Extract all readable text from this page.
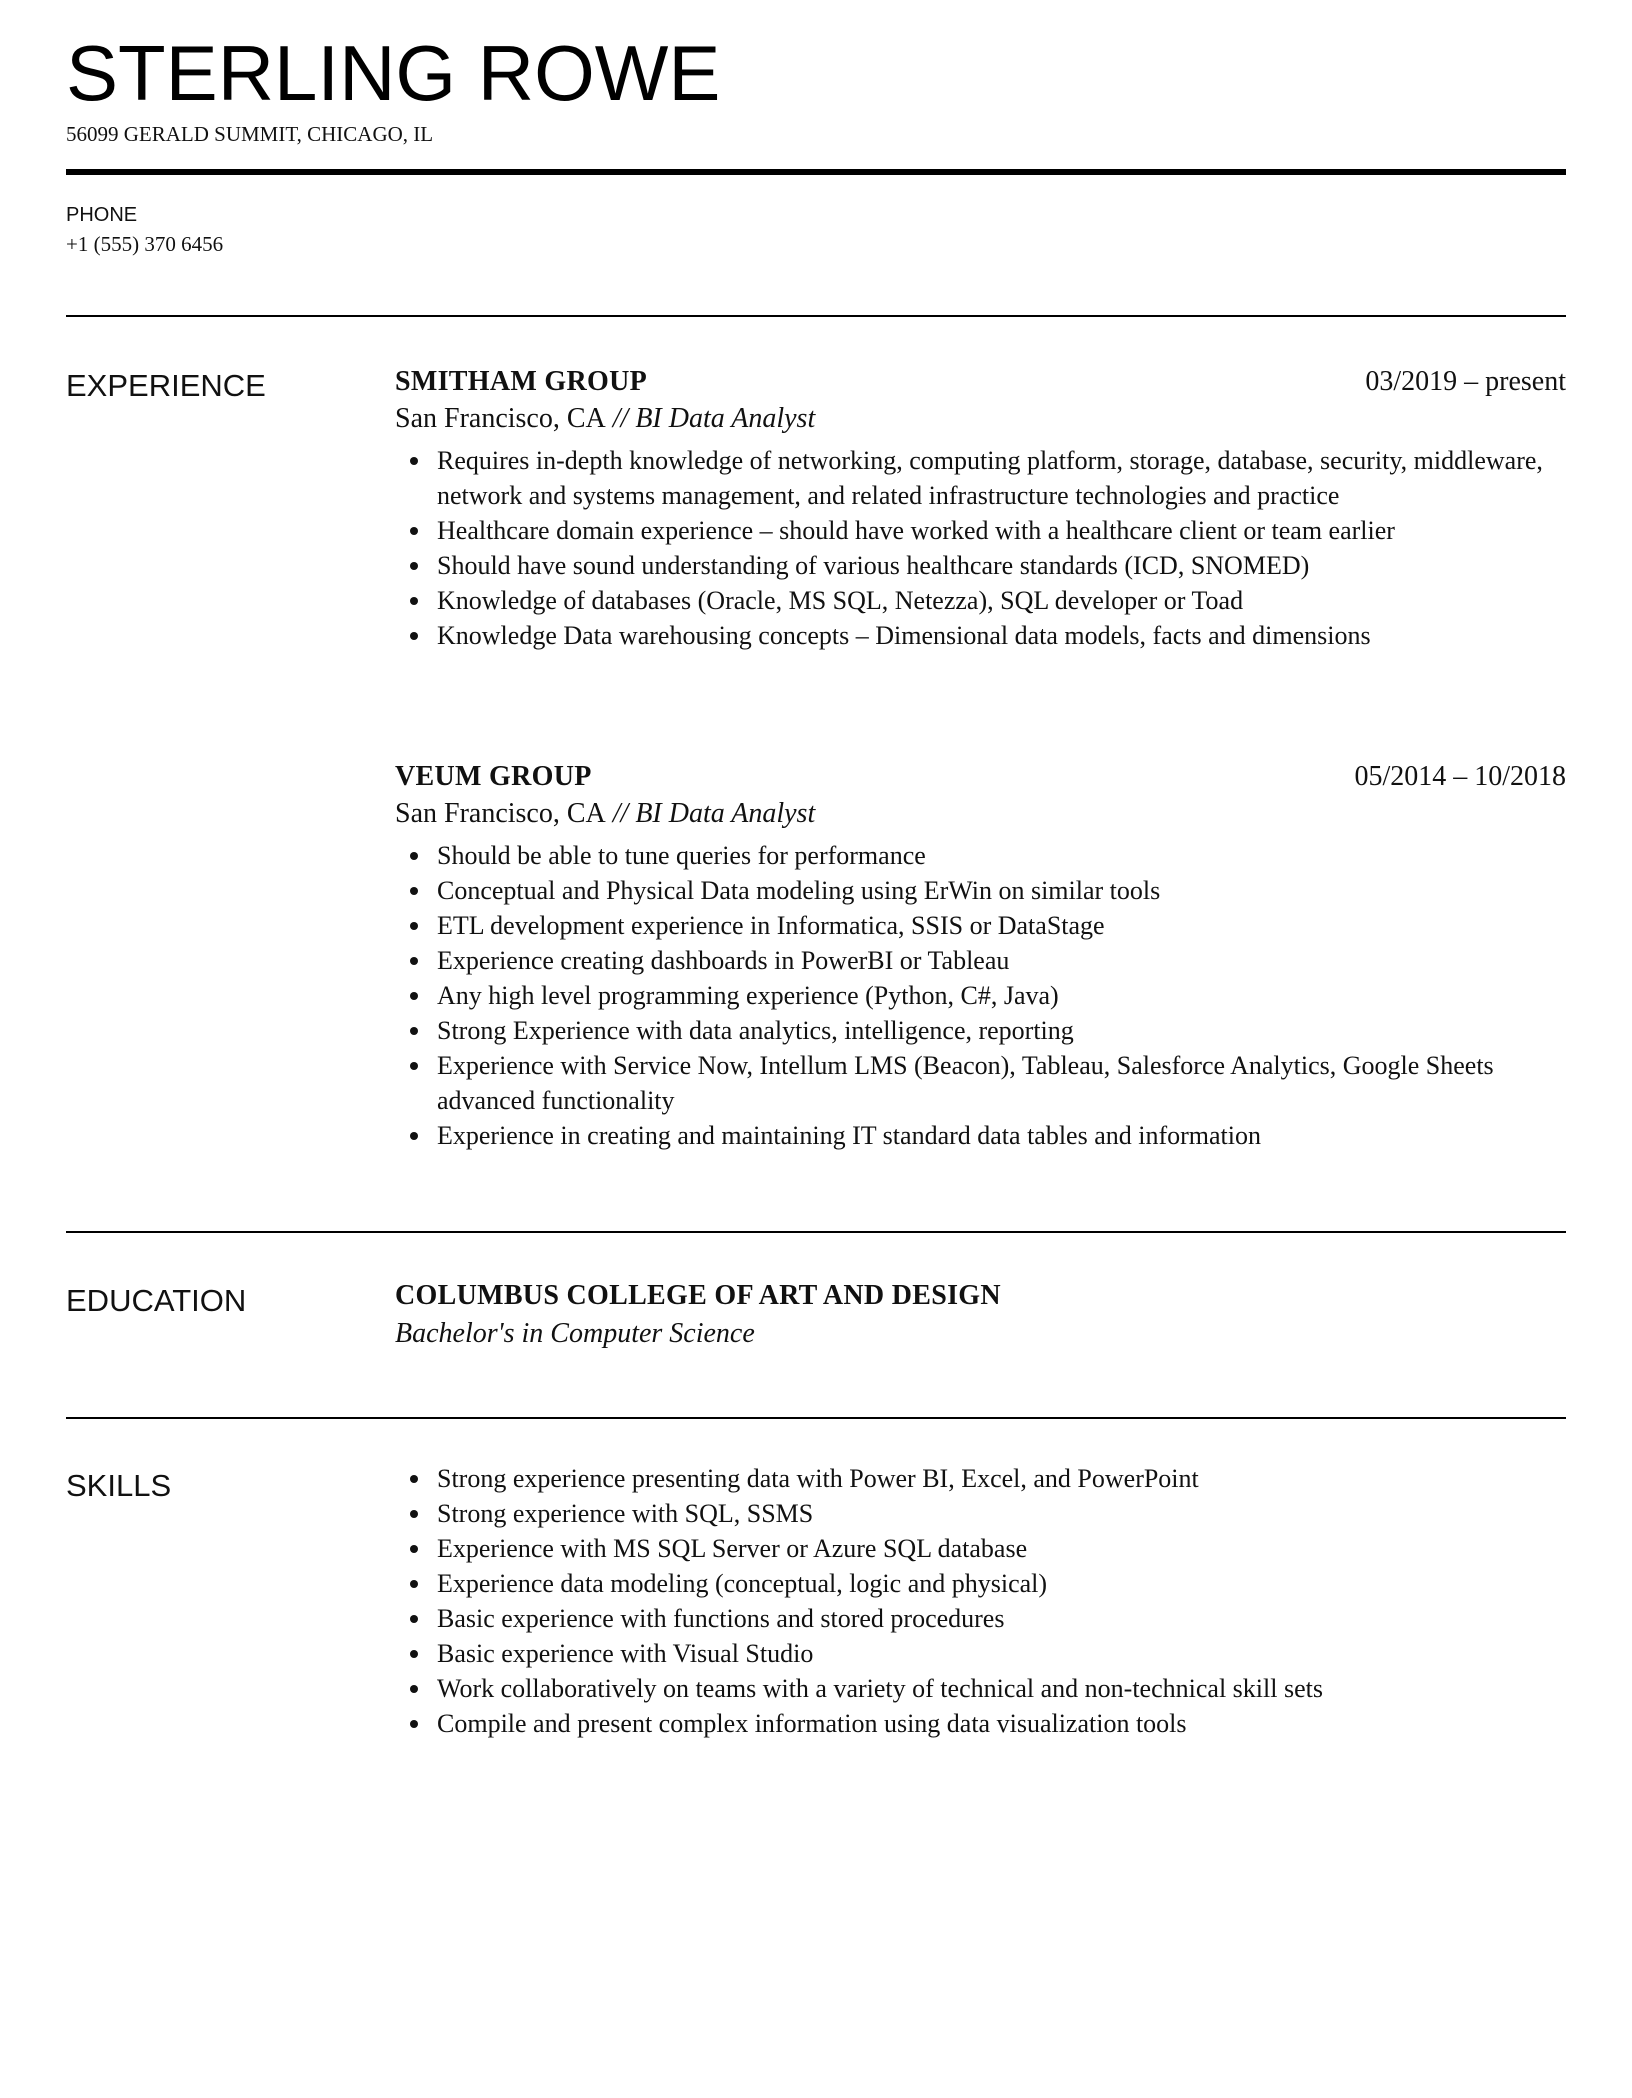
STERLING ROWE
56099 GERALD SUMMIT, CHICAGO, IL
PHONE
+1 (555) 370 6456
EXPERIENCE	SMITHAM GROUP	03/2019 – present
San Francisco, CA // BI Data Analyst
Requires in-depth knowledge of networking, computing platform, storage, database, security, middleware, network and systems management, and related infrastructure technologies and practice
Healthcare domain experience – should have worked with a healthcare client or team earlier
Should have sound understanding of various healthcare standards (ICD, SNOMED)
Knowledge of databases (Oracle, MS SQL, Netezza), SQL developer or Toad
Knowledge Data warehousing concepts – Dimensional data models, facts and dimensions
VEUM GROUP	05/2014 – 10/2018
San Francisco, CA // BI Data Analyst
Should be able to tune queries for performance
Conceptual and Physical Data modeling using ErWin on similar tools
ETL development experience in Informatica, SSIS or DataStage
Experience creating dashboards in PowerBI or Tableau
Any high level programming experience (Python, C#, Java)
Strong Experience with data analytics, intelligence, reporting
Experience with Service Now, Intellum LMS (Beacon), Tableau, Salesforce Analytics, Google Sheets advanced functionality
Experience in creating and maintaining IT standard data tables and information
EDUCATION	COLUMBUS COLLEGE OF ART AND DESIGN
Bachelor's in Computer Science
SKILLS	Strong experience presenting data with Power BI, Excel, and PowerPoint
Strong experience with SQL, SSMS
Experience with MS SQL Server or Azure SQL database
Experience data modeling (conceptual, logic and physical)
Basic experience with functions and stored procedures
Basic experience with Visual Studio
Work collaboratively on teams with a variety of technical and non-technical skill sets
Compile and present complex information using data visualization tools
